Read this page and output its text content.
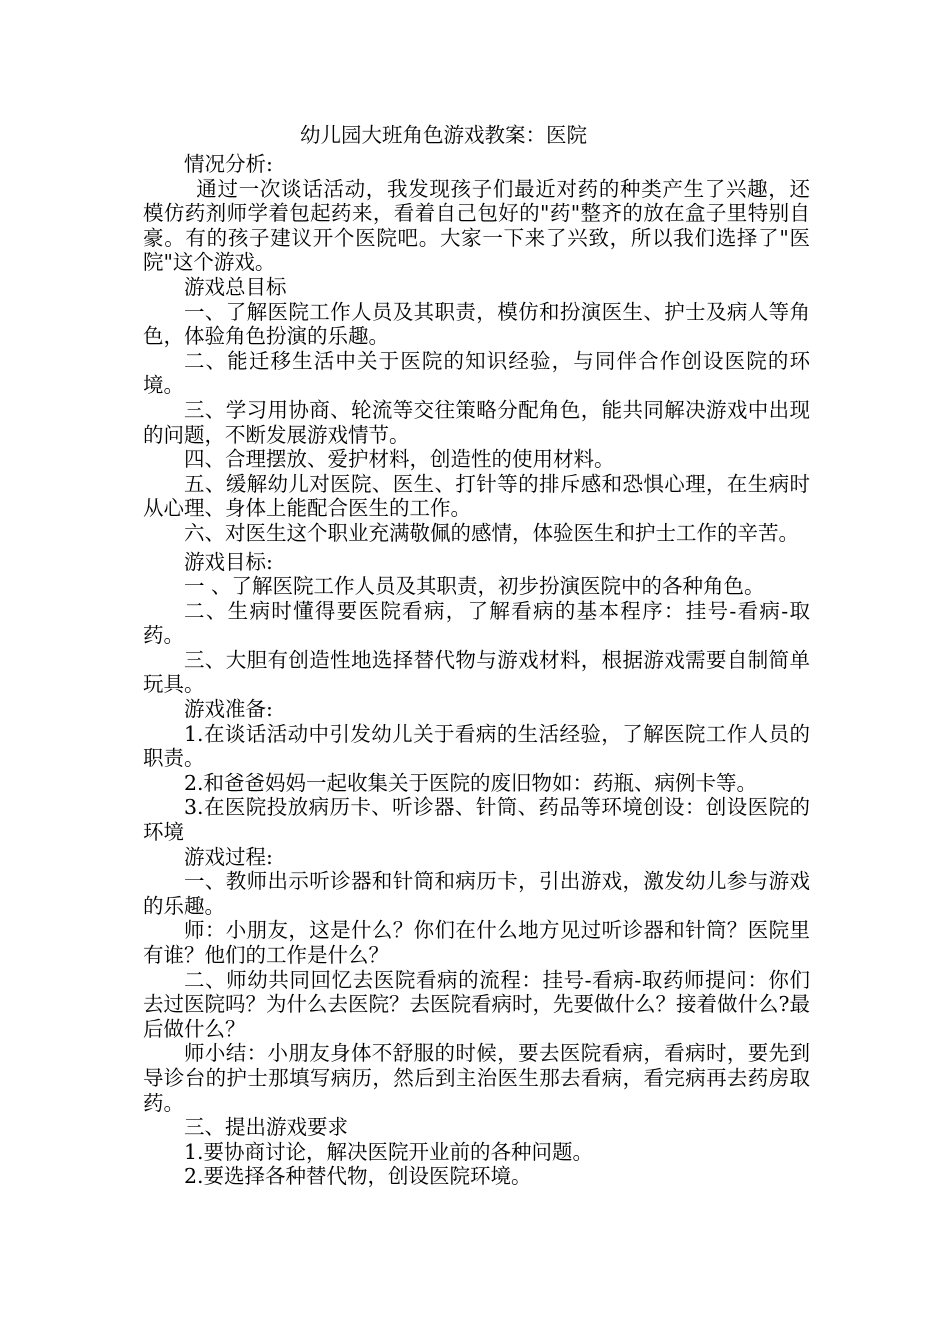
幼儿园大班角色游戏教案：医院

情况分析:

通过一次谈话活动，我发现孩子们最近对药的种类产生了兴趣，还模仿药剂师学着包起药来，看着自己包好的"药"整齐的放在盒子里特别自豪。有的孩子建议开个医院吧。大家一下来了兴致，所以我们选择了"医院"这个游戏。

游戏总目标

一、了解医院工作人员及其职责，模仿和扮演医生、护士及病人等角色，体验角色扮演的乐趣。

二、能迁移生活中关于医院的知识经验，与同伴合作创设医院的环境。

三、学习用协商、轮流等交往策略分配角色，能共同解决游戏中出现的问题，不断发展游戏情节。

四、合理摆放、爱护材料，创造性的使用材料。

五、缓解幼儿对医院、医生、打针等的排斥感和恐惧心理，在生病时从心理、身体上能配合医生的工作。

六、对医生这个职业充满敬佩的感情，体验医生和护士工作的辛苦。

游戏目标:

一 、了解医院工作人员及其职责，初步扮演医院中的各种角色。

二、生病时懂得要医院看病，了解看病的基本程序：挂号-看病-取药。

三、大胆有创造性地选择替代物与游戏材料，根据游戏需要自制简单玩具。

游戏准备:

1.在谈话活动中引发幼儿关于看病的生活经验，了解医院工作人员的职责。

2.和爸爸妈妈一起收集关于医院的废旧物如：药瓶、病例卡等。

3.在医院投放病历卡、听诊器、针筒、药品等环境创设：创设医院的环境

游戏过程:

一、教师出示听诊器和针筒和病历卡，引出游戏，激发幼儿参与游戏的乐趣。

师：小朋友，这是什么？你们在什么地方见过听诊器和针筒？医院里有谁？他们的工作是什么？

二、师幼共同回忆去医院看病的流程：挂号-看病-取药师提问：你们去过医院吗？为什么去医院？去医院看病时，先要做什么？接着做什么?最后做什么？

师小结：小朋友身体不舒服的时候，要去医院看病，看病时，要先到导诊台的护士那填写病历，然后到主治医生那去看病，看完病再去药房取药。

三、提出游戏要求

1.要协商讨论，解决医院开业前的各种问题。

2.要选择各种替代物，创设医院环境。
